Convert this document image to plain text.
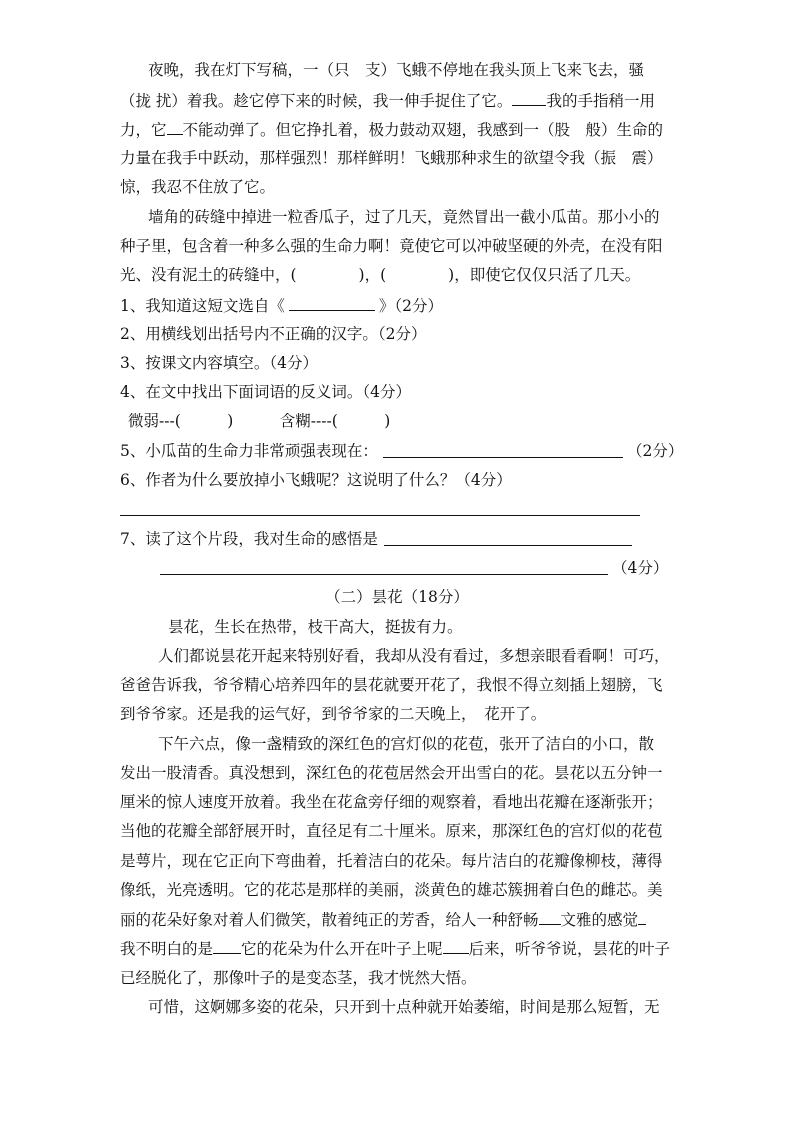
夜晚，我在灯下写稿，一（只　支）飞蛾不停地在我头顶上飞来飞去，骚
（拢 扰）着我。趁它停下来的时候，我一伸手捉住了它。 我的手指稍一用
力，它 不能动弹了。但它挣扎着，极力鼓动双翅，我感到一（股　般）生命的
力量在我手中跃动，那样强烈！那样鲜明！飞蛾那种求生的欲望令我（振　震）
惊，我忍不住放了它。
墙角的砖缝中掉进一粒香瓜子，过了几天，竟然冒出一截小瓜苗。那小小的
种子里，包含着一种多么强的生命力啊！竟使它可以冲破坚硬的外壳，在没有阳
光、没有泥土的砖缝中，(　　　　)，(　　　　)，即使它仅仅只活了几天。
1、我知道这短文选自《	》（2分）
2、用横线划出括号内不正确的汉字。（2分）
3、按课文内容填空。（4分）
4、在文中找出下面词语的反义词。（4分）
微弱---(　　　)　　　含糊----(　　　)
5、小瓜苗的生命力非常顽强表现在：	（2分）
6、作者为什么要放掉小飞蛾呢？这说明了什么？（4分）
7、读了这个片段，我对生命的感悟是
（4分）
（二）昙花（18分）
昙花，生长在热带，枝干高大，挺拔有力。
人们都说昙花开起来特别好看，我却从没有看过，多想亲眼看看啊！可巧，
爸爸告诉我，爷爷精心培养四年的昙花就要开花了，我恨不得立刻插上翅膀，飞
到爷爷家。还是我的运气好，到爷爷家的二天晚上，　花开了。
下午六点，像一盏精致的深红色的宫灯似的花苞，张开了洁白的小口，散
发出一股清香。真没想到，深红色的花苞居然会开出雪白的花。昙花以五分钟一
厘米的惊人速度开放着。我坐在花盒旁仔细的观察着，看地出花瓣在逐渐张开；
当他的花瓣全部舒展开时，直径足有二十厘米。原来，那深红色的宫灯似的花苞
是萼片，现在它正向下弯曲着，托着洁白的花朵。每片洁白的花瓣像柳枝，薄得
像纸，光亮透明。它的花芯是那样的美丽，淡黄色的雄芯簇拥着白色的雌芯。美
丽的花朵好象对着人们微笑，散着纯正的芳香，给人一种舒畅 文雅的感觉
我不明白的是 它的花朵为什么开在叶子上呢 后来，听爷爷说，昙花的叶子
已经脱化了，那像叶子的是变态茎，我才恍然大悟。
可惜，这婀娜多姿的花朵，只开到十点种就开始萎缩，时间是那么短暂，无
